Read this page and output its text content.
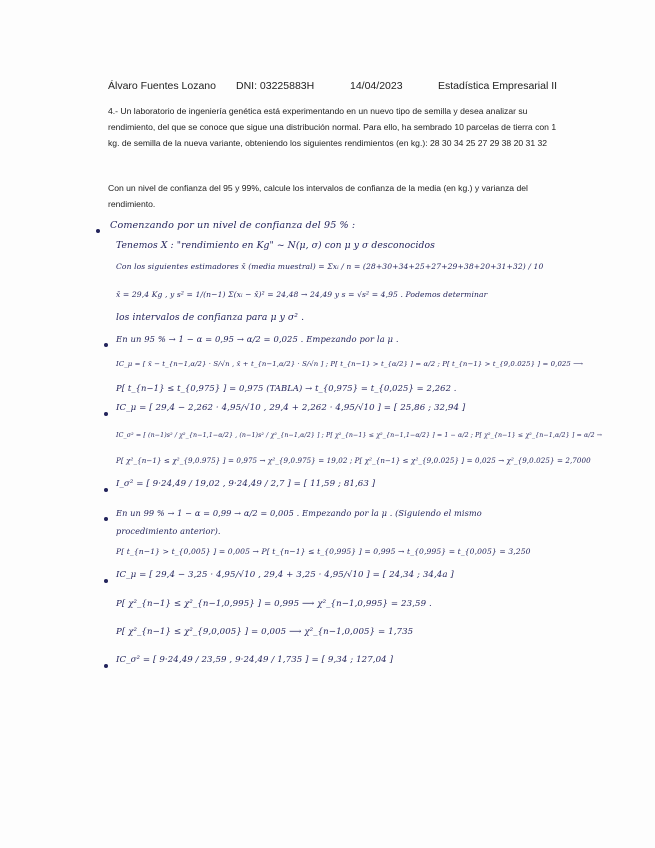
Álvaro Fuentes Lozano DNI: 03225883H	14/04/2023	Estadística Empresarial II
4.- Un laboratorio de ingeniería genética está experimentando en un nuevo tipo de semilla y desea analizar su rendimiento, del que se conoce que sigue una distribución normal. Para ello, ha sembrado 10 parcelas de tierra con 1 kg. de semilla de la nueva variante, obteniendo los siguientes rendimientos (en kg.): 28 30 34 25 27 29 38 20 31 32
Con un nivel de confianza del 95 y 99%, calcule los intervalos de confianza de la media (en kg.) y varianza del rendimiento.
Comenzando por un nivel de confianza del 95 % :
Tenemos X : "rendimiento en Kg" ~ N(μ, σ) con μ y σ desconocidos
Con los siguientes estimadores x̄ (media muestral) = Σxᵢ / n = (28+30+34+25+27+29+38+20+31+32) / 10
x̄ = 29,4 Kg , y s² = 1/(n−1) Σ(xᵢ − x̄)² = 24,48 → 24,49 y s = √s² = 4,95 . Podemos determinar
los intervalos de confianza para μ y σ² .
En un 95 % → 1 − α = 0,95 → α/2 = 0,025 . Empezando por la μ .
IC_μ = [ x̄ − t_{n−1,α/2} · S/√n , x̄ + t_{n−1,α/2} · S/√n ] ; P[ t_{n−1} > t_{α/2} ] = α/2 ; P[ t_{n−1} > t_{9,0.025} ] = 0,025 ⟶
P[ t_{n−1} ≤ t_{0,975} ] = 0,975 (TABLA) → t_{0,975} = t_{0,025} = 2,262 .
IC_μ = [ 29,4 − 2,262 · 4,95/√10 , 29,4 + 2,262 · 4,95/√10 ] = [ 25,86 ; 32,94 ]
IC_σ² = [ (n−1)s² / χ²_{n−1,1−α/2} , (n−1)s² / χ²_{n−1,α/2} ] ; P[ χ²_{n−1} ≤ χ²_{n−1,1−α/2} ] = 1 − α/2 ; P[ χ²_{n−1} ≤ χ²_{n−1,α/2} ] = α/2 →
P[ χ²_{n−1} ≤ χ²_{9,0.975} ] = 0,975 → χ²_{9,0.975} = 19,02 ; P[ χ²_{n−1} ≤ χ²_{9,0.025} ] = 0,025 → χ²_{9,0.025} = 2,7000
I_σ² = [ 9·24,49 / 19,02 , 9·24,49 / 2,7 ] = [ 11,59 ; 81,63 ]
En un 99 % → 1 − α = 0,99 → α/2 = 0,005 . Empezando por la μ . (Siguiendo el mismo
procedimiento anterior).
P[ t_{n−1} > t_{0,005} ] = 0,005 → P[ t_{n−1} ≤ t_{0,995} ] = 0,995 → t_{0,995} = t_{0,005} = 3,250
IC_μ = [ 29,4 − 3,25 · 4,95/√10 , 29,4 + 3,25 · 4,95/√10 ] = [ 24,34 ; 34,4a ]
P[ χ²_{n−1} ≤ χ²_{n−1,0,995} ] = 0,995 ⟶ χ²_{n−1,0,995} = 23,59 .
P[ χ²_{n−1} ≤ χ²_{9,0,005} ] = 0,005 ⟶ χ²_{n−1,0,005} = 1,735
IC_σ² = [ 9·24,49 / 23,59 , 9·24,49 / 1,735 ] = [ 9,34 ; 127,04 ]
